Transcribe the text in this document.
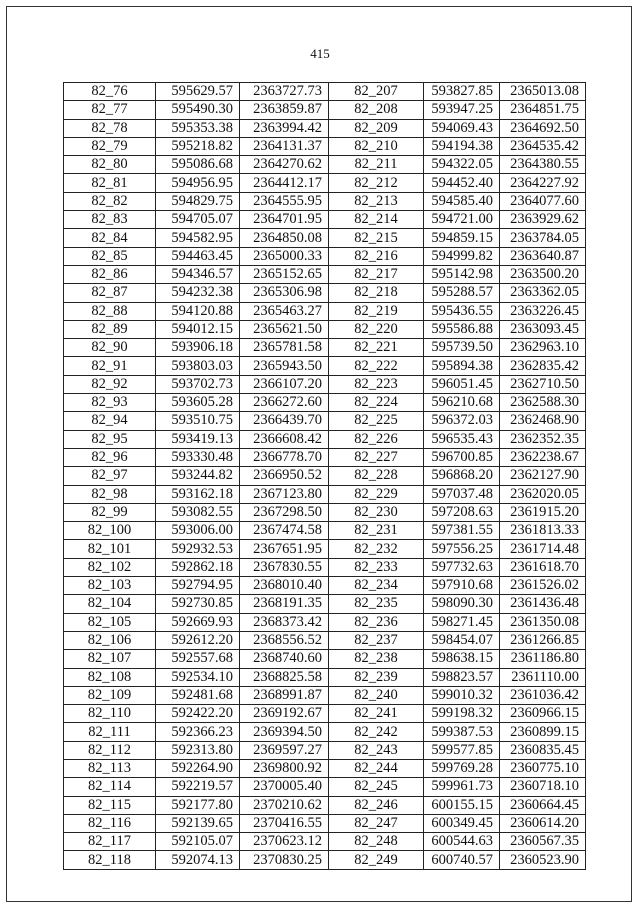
415
82_76	595629.57	2363727.73	82_207	593827.85	2365013.08
82_77	595490.30	2363859.87	82_208	593947.25	2364851.75
82_78	595353.38	2363994.42	82_209	594069.43	2364692.50
82_79	595218.82	2364131.37	82_210	594194.38	2364535.42
82_80	595086.68	2364270.62	82_211	594322.05	2364380.55
82_81	594956.95	2364412.17	82_212	594452.40	2364227.92
82_82	594829.75	2364555.95	82_213	594585.40	2364077.60
82_83	594705.07	2364701.95	82_214	594721.00	2363929.62
82_84	594582.95	2364850.08	82_215	594859.15	2363784.05
82_85	594463.45	2365000.33	82_216	594999.82	2363640.87
82_86	594346.57	2365152.65	82_217	595142.98	2363500.20
82_87	594232.38	2365306.98	82_218	595288.57	2363362.05
82_88	594120.88	2365463.27	82_219	595436.55	2363226.45
82_89	594012.15	2365621.50	82_220	595586.88	2363093.45
82_90	593906.18	2365781.58	82_221	595739.50	2362963.10
82_91	593803.03	2365943.50	82_222	595894.38	2362835.42
82_92	593702.73	2366107.20	82_223	596051.45	2362710.50
82_93	593605.28	2366272.60	82_224	596210.68	2362588.30
82_94	593510.75	2366439.70	82_225	596372.03	2362468.90
82_95	593419.13	2366608.42	82_226	596535.43	2362352.35
82_96	593330.48	2366778.70	82_227	596700.85	2362238.67
82_97	593244.82	2366950.52	82_228	596868.20	2362127.90
82_98	593162.18	2367123.80	82_229	597037.48	2362020.05
82_99	593082.55	2367298.50	82_230	597208.63	2361915.20
82_100	593006.00	2367474.58	82_231	597381.55	2361813.33
82_101	592932.53	2367651.95	82_232	597556.25	2361714.48
82_102	592862.18	2367830.55	82_233	597732.63	2361618.70
82_103	592794.95	2368010.40	82_234	597910.68	2361526.02
82_104	592730.85	2368191.35	82_235	598090.30	2361436.48
82_105	592669.93	2368373.42	82_236	598271.45	2361350.08
82_106	592612.20	2368556.52	82_237	598454.07	2361266.85
82_107	592557.68	2368740.60	82_238	598638.15	2361186.80
82_108	592534.10	2368825.58	82_239	598823.57	2361110.00
82_109	592481.68	2368991.87	82_240	599010.32	2361036.42
82_110	592422.20	2369192.67	82_241	599198.32	2360966.15
82_111	592366.23	2369394.50	82_242	599387.53	2360899.15
82_112	592313.80	2369597.27	82_243	599577.85	2360835.45
82_113	592264.90	2369800.92	82_244	599769.28	2360775.10
82_114	592219.57	2370005.40	82_245	599961.73	2360718.10
82_115	592177.80	2370210.62	82_246	600155.15	2360664.45
82_116	592139.65	2370416.55	82_247	600349.45	2360614.20
82_117	592105.07	2370623.12	82_248	600544.63	2360567.35
82_118	592074.13	2370830.25	82_249	600740.57	2360523.90
